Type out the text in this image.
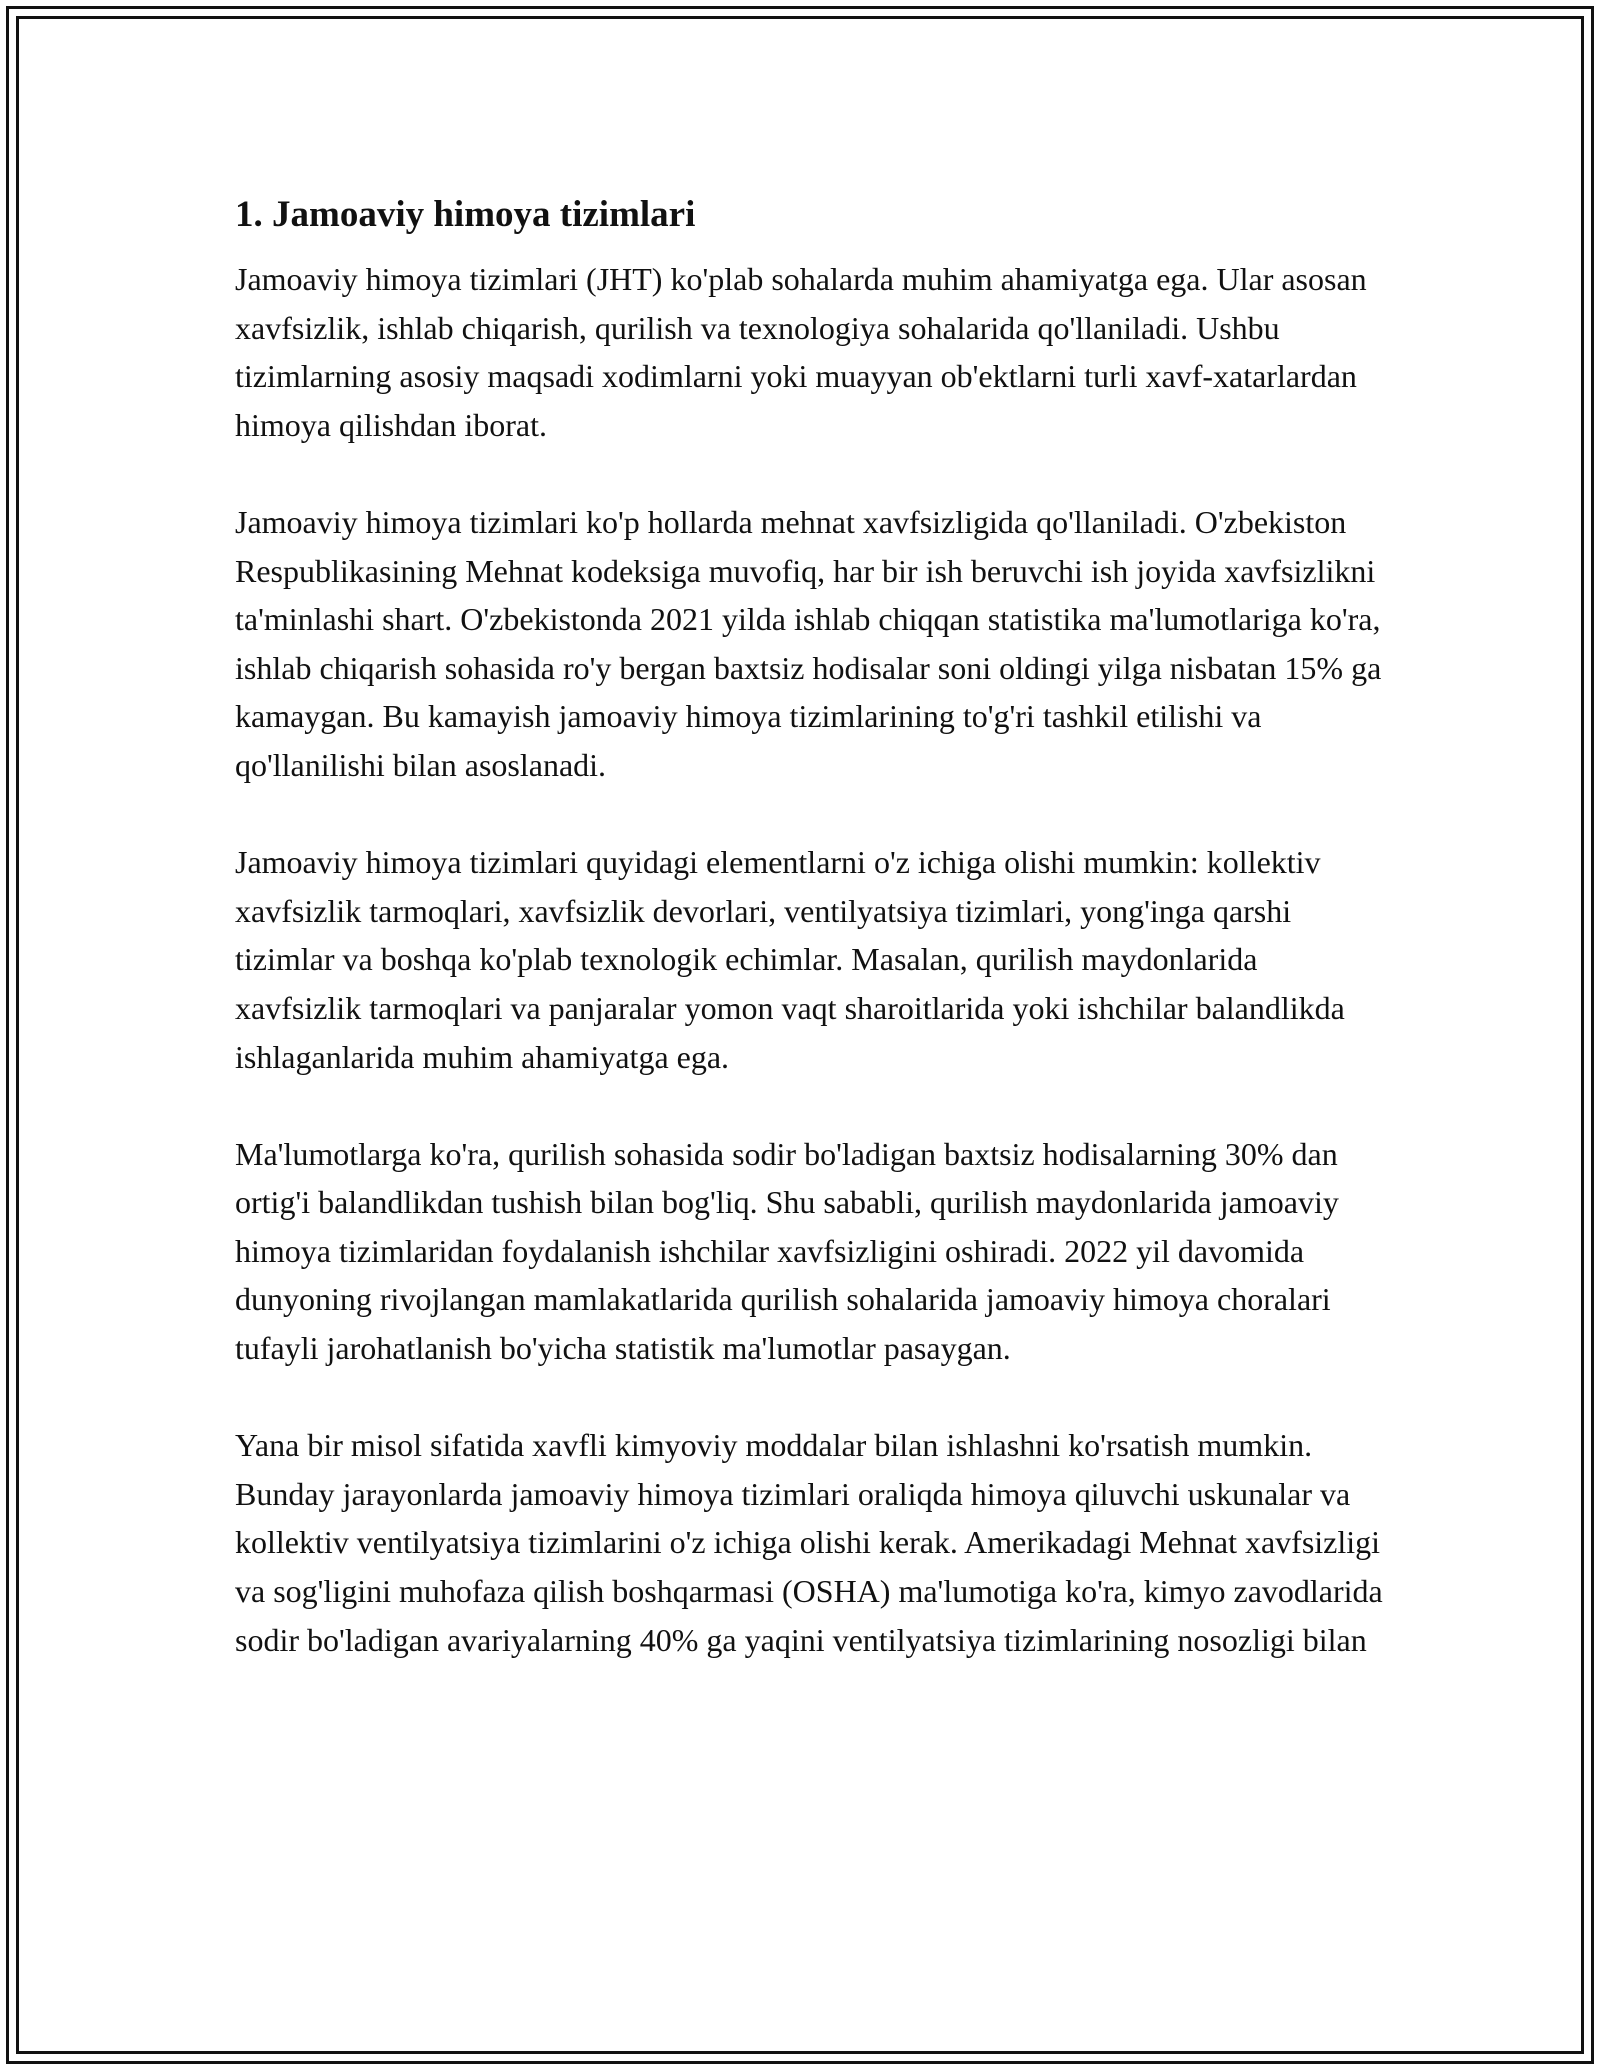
1. Jamoaviy himoya tizimlari

Jamoaviy himoya tizimlari (JHT) ko'plab sohalarda muhim ahamiyatga ega. Ular asosan xavfsizlik, ishlab chiqarish, qurilish va texnologiya sohalarida qo'llaniladi. Ushbu tizimlarning asosiy maqsadi xodimlarni yoki muayyan ob'ektlarni turli xavf-xatarlardan himoya qilishdan iborat.

Jamoaviy himoya tizimlari ko'p hollarda mehnat xavfsizligida qo'llaniladi. O'zbekiston Respublikasining Mehnat kodeksiga muvofiq, har bir ish beruvchi ish joyida xavfsizlikni ta'minlashi shart. O'zbekistonda 2021 yilda ishlab chiqqan statistika ma'lumotlariga ko'ra, ishlab chiqarish sohasida ro'y bergan baxtsiz hodisalar soni oldingi yilga nisbatan 15% ga kamaygan. Bu kamayish jamoaviy himoya tizimlarining to'g'ri tashkil etilishi va qo'llanilishi bilan asoslanadi.

Jamoaviy himoya tizimlari quyidagi elementlarni o'z ichiga olishi mumkin: kollektiv xavfsizlik tarmoqlari, xavfsizlik devorlari, ventilyatsiya tizimlari, yong'inga qarshi tizimlar va boshqa ko'plab texnologik echimlar. Masalan, qurilish maydonlarida xavfsizlik tarmoqlari va panjaralar yomon vaqt sharoitlarida yoki ishchilar balandlikda ishlaganlarida muhim ahamiyatga ega.

Ma'lumotlarga ko'ra, qurilish sohasida sodir bo'ladigan baxtsiz hodisalarning 30% dan ortig'i balandlikdan tushish bilan bog'liq. Shu sababli, qurilish maydonlarida jamoaviy himoya tizimlaridan foydalanish ishchilar xavfsizligini oshiradi. 2022 yil davomida dunyoning rivojlangan mamlakatlarida qurilish sohalarida jamoaviy himoya choralari tufayli jarohatlanish bo'yicha statistik ma'lumotlar pasaygan.

Yana bir misol sifatida xavfli kimyoviy moddalar bilan ishlashni ko'rsatish mumkin. Bunday jarayonlarda jamoaviy himoya tizimlari oraliqda himoya qiluvchi uskunalar va kollektiv ventilyatsiya tizimlarini o'z ichiga olishi kerak. Amerikadagi Mehnat xavfsizligi va sog'ligini muhofaza qilish boshqarmasi (OSHA) ma'lumotiga ko'ra, kimyo zavodlarida sodir bo'ladigan avariyalarning 40% ga yaqini ventilyatsiya tizimlarining nosozligi bilan
